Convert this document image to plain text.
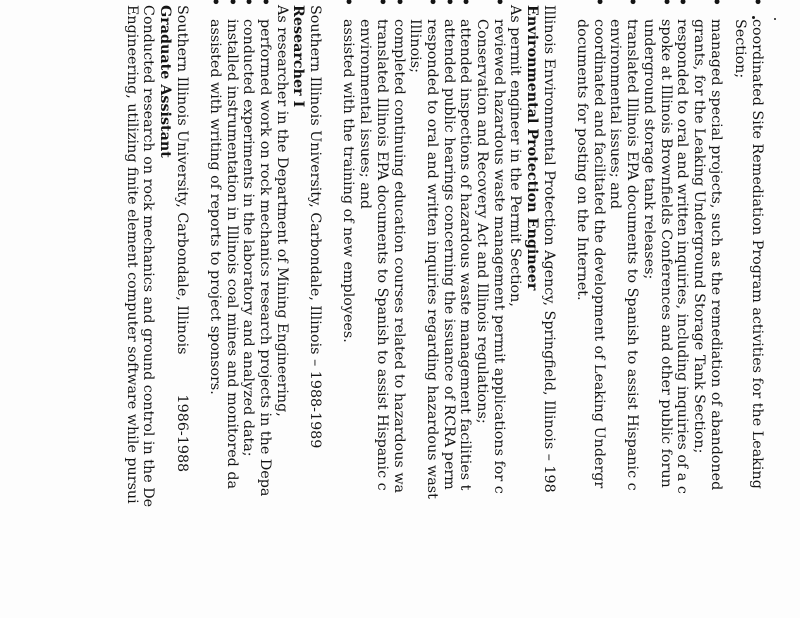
• coordinated Site Remediation Program activities for the Leaking
Section;
• managed special projects, such as the remediation of abandoned
grants, for the Leaking Underground Storage Tank Section;
• responded to oral and written inquiries, including inquiries of a c
• spoke at Illinois Brownfields Conferences and other public forun
underground storage tank releases;
• translated Illinois EPA documents to Spanish to assist Hispanic c
environmental issues; and
• coordinated and facilitated the development of Leaking Undergr
documents for posting on the Internet.
Illinois Environmental Protection Agency, Springfield, Illinois – 198
Environmental Protection Engineer
As permit engineer in the Permit Section,
• reviewed hazardous waste management permit applications for c
Conservation and Recovery Act and Illinois regulations;
• attended inspections of hazardous waste management facilities t
• attended public hearings concerning the issuance of RCRA perm
• responded to oral and written inquiries regarding hazardous wast
Illinois;
• completed continuing education courses related to hazardous wa
• translated Illinois EPA documents to Spanish to assist Hispanic c
environmental issues; and
• assisted with the training of new employees.
Southern Illinois University, Carbondale, Illinois – 1988-1989
Researcher I
As researcher in the Department of Mining Engineering,
• performed work on rock mechanics research projects in the Depa
• conducted experiments in the laboratory and analyzed data;
• installed instrumentation in Illinois coal mines and monitored da
• assisted with writing of reports to project sponsors.
Southern Illinois University, Carbondale, Illinois1986-1988
Graduate Assistant
Conducted research on rock mechanics and ground control in the De
Engineering, utilizing finite element computer software while pursui
